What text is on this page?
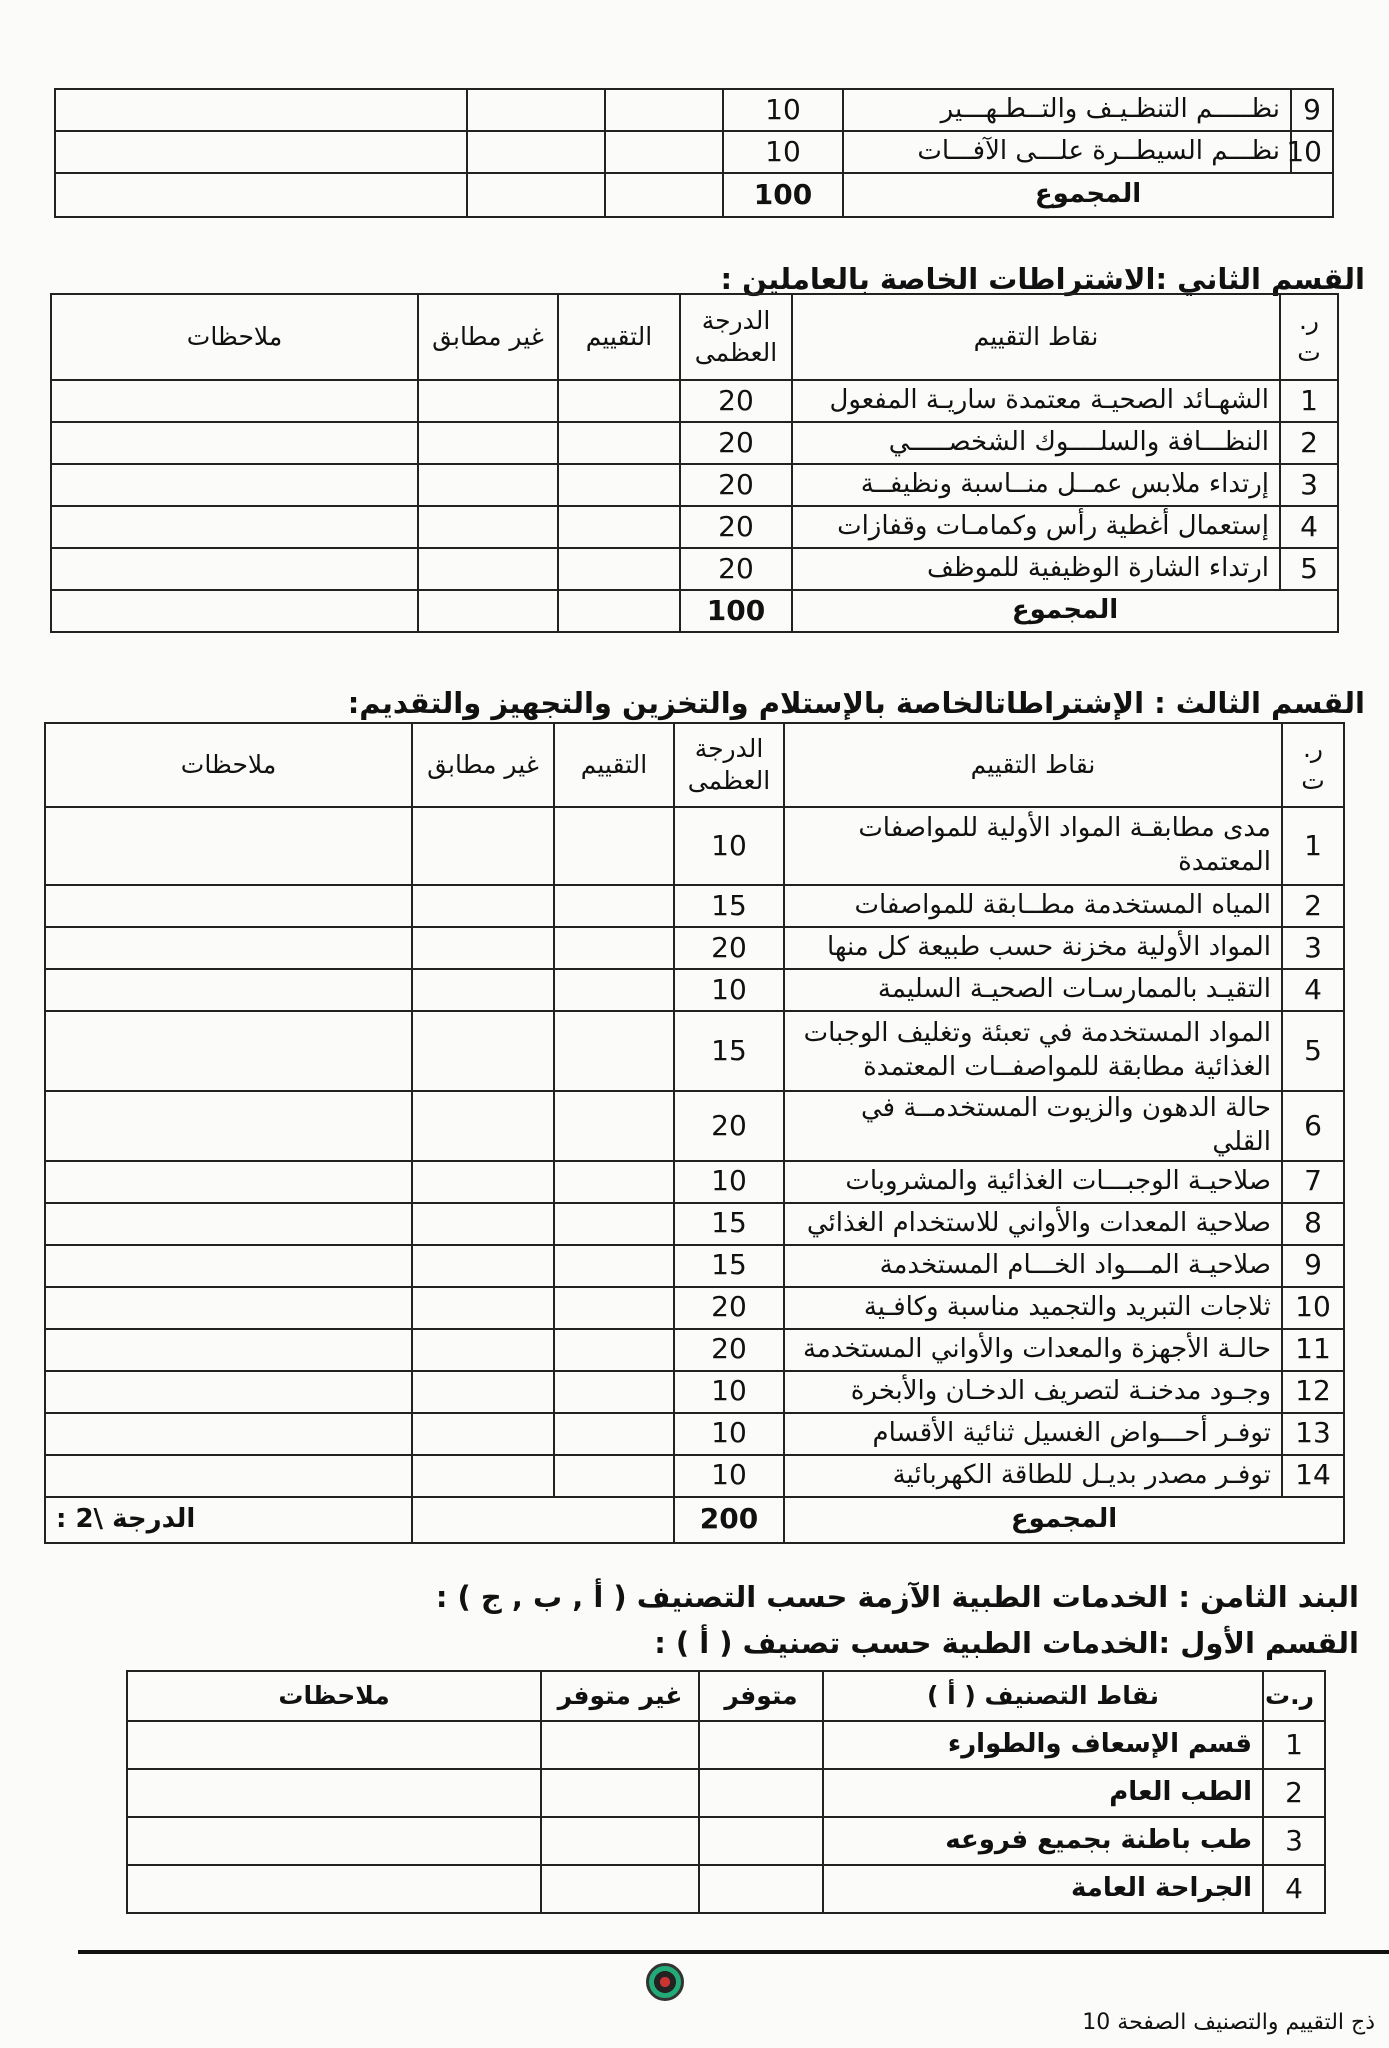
9	نظـــــم التنظـيـف والتــطـهـــير	10			
10	نظـــم السيطــرة علـــى الآفـــات	10			
المجموع		100			
القسم الثاني :الاشتراطات الخاصة بالعاملين :
ر. ت	نقاط التقييم	الدرجة العظمى	التقييم	غير مطابق	ملاحظات
1	الشهـائد الصحيـة معتمدة ساريـة المفعول	20			
2	النظـــافة والسلــــوك الشخصـــــي	20			
3	إرتداء ملابس عمــل منــاسبة ونظيفــة	20			
4	إستعمال أغطية رأس وكمامـات وقفازات	20			
5	ارتداء الشارة الوظيفية للموظف	20			
المجموع		100			
القسم الثالث : الإشتراطاتالخاصة بالإستلام والتخزين والتجهيز والتقديم:
ر. ت	نقاط التقييم	الدرجة العظمى	التقييم	غير مطابق	ملاحظات
1	مدى مطابقـة المواد الأولية للمواصفات المعتمدة	10			
2	المياه المستخدمة مطــابقة للمواصفات	15			
3	المواد الأولية مخزنة حسب طبيعة كل منها	20			
4	التقيـد بالممارسـات الصحيـة السليمة	10			
5	المواد المستخدمة في تعبئة وتغليف الوجبات الغذائية مطابقة للمواصفــات المعتمدة	15			
6	حالة الدهون والزيوت المستخدمــة في القلي	20			
7	صلاحيـة الوجبـــات الغذائية والمشروبات	10			
8	صلاحية المعدات والأواني للاستخدام الغذائي	15			
9	صلاحيـة المـــواد الخـــام المستخدمة	15			
10	ثلاجات التبريد والتجميد مناسبة وكافـية	20			
11	حالـة الأجهزة والمعدات والأواني المستخدمة	20			
12	وجـود مدخنـة لتصريف الدخـان والأبخرة	10			
13	توفـر أحـــواض الغسيل ثنائية الأقسام	10			
14	توفـر مصدر بديـل للطاقة الكهربائية	10			
المجموع		200			الدرجة \2 :
البند الثامن : الخدمات الطبية الآزمة حسب التصنيف ( أ , ب , ج ) :
القسم الأول :الخدمات الطبية حسب تصنيف ( أ ) :
ر.ت	نقاط التصنيف ( أ )	متوفر	غير متوفر	ملاحظات
1	قسم الإسعاف والطوارء			
2	الطب العام			
3	طب باطنة بجميع فروعه			
4	الجراحة العامة			
ذج التقييم والتصنيف الصفحة 10
